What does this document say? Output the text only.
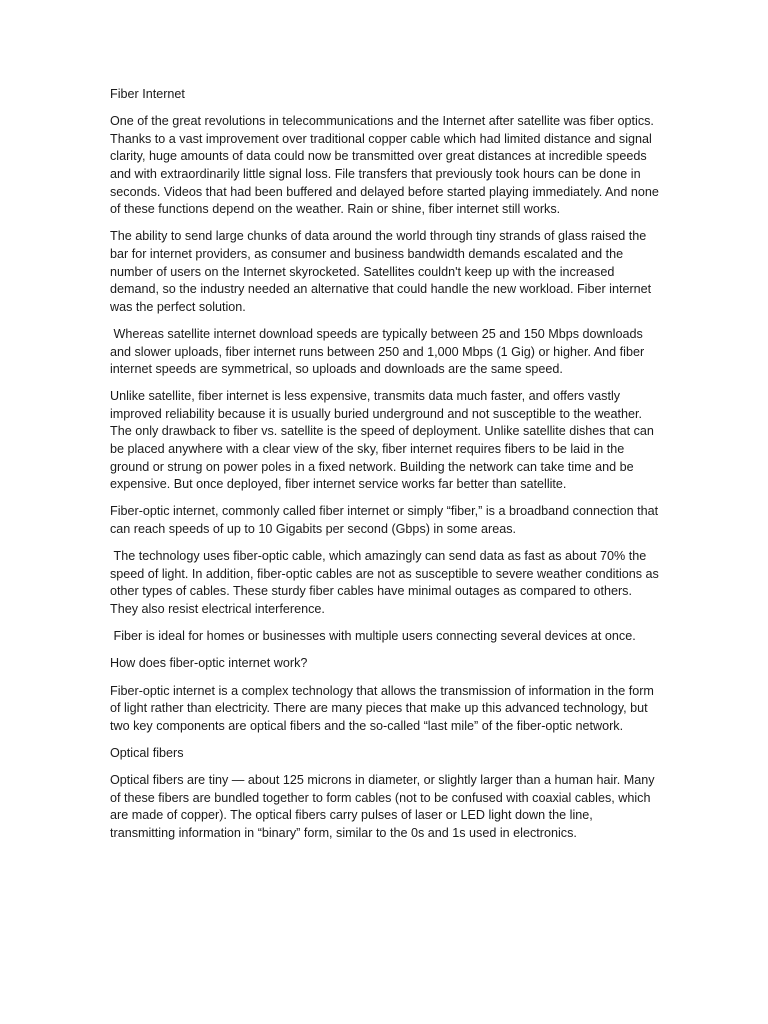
Fiber Internet

One of the great revolutions in telecommunications and the Internet after satellite was fiber optics. Thanks to a vast improvement over traditional copper cable which had limited distance and signal clarity, huge amounts of data could now be transmitted over great distances at incredible speeds and with extraordinarily little signal loss. File transfers that previously took hours can be done in seconds. Videos that had been buffered and delayed before started playing immediately. And none of these functions depend on the weather. Rain or shine, fiber internet still works.

The ability to send large chunks of data around the world through tiny strands of glass raised the bar for internet providers, as consumer and business bandwidth demands escalated and the number of users on the Internet skyrocketed. Satellites couldn't keep up with the increased demand, so the industry needed an alternative that could handle the new workload. Fiber internet was the perfect solution.

Whereas satellite internet download speeds are typically between 25 and 150 Mbps downloads and slower uploads, fiber internet runs between 250 and 1,000 Mbps (1 Gig) or higher. And fiber internet speeds are symmetrical, so uploads and downloads are the same speed.

Unlike satellite, fiber internet is less expensive, transmits data much faster, and offers vastly improved reliability because it is usually buried underground and not susceptible to the weather. The only drawback to fiber vs. satellite is the speed of deployment. Unlike satellite dishes that can be placed anywhere with a clear view of the sky, fiber internet requires fibers to be laid in the ground or strung on power poles in a fixed network. Building the network can take time and be expensive. But once deployed, fiber internet service works far better than satellite.

Fiber-optic internet, commonly called fiber internet or simply “fiber,” is a broadband connection that can reach speeds of up to 10 Gigabits per second (Gbps) in some areas.

The technology uses fiber-optic cable, which amazingly can send data as fast as about 70% the speed of light. In addition, fiber-optic cables are not as susceptible to severe weather conditions as other types of cables. These sturdy fiber cables have minimal outages as compared to others. They also resist electrical interference.

Fiber is ideal for homes or businesses with multiple users connecting several devices at once.

How does fiber-optic internet work?

Fiber-optic internet is a complex technology that allows the transmission of information in the form of light rather than electricity. There are many pieces that make up this advanced technology, but two key components are optical fibers and the so-called “last mile” of the fiber-optic network.

Optical fibers

Optical fibers are tiny — about 125 microns in diameter, or slightly larger than a human hair. Many of these fibers are bundled together to form cables (not to be confused with coaxial cables, which are made of copper). The optical fibers carry pulses of laser or LED light down the line, transmitting information in “binary” form, similar to the 0s and 1s used in electronics.
